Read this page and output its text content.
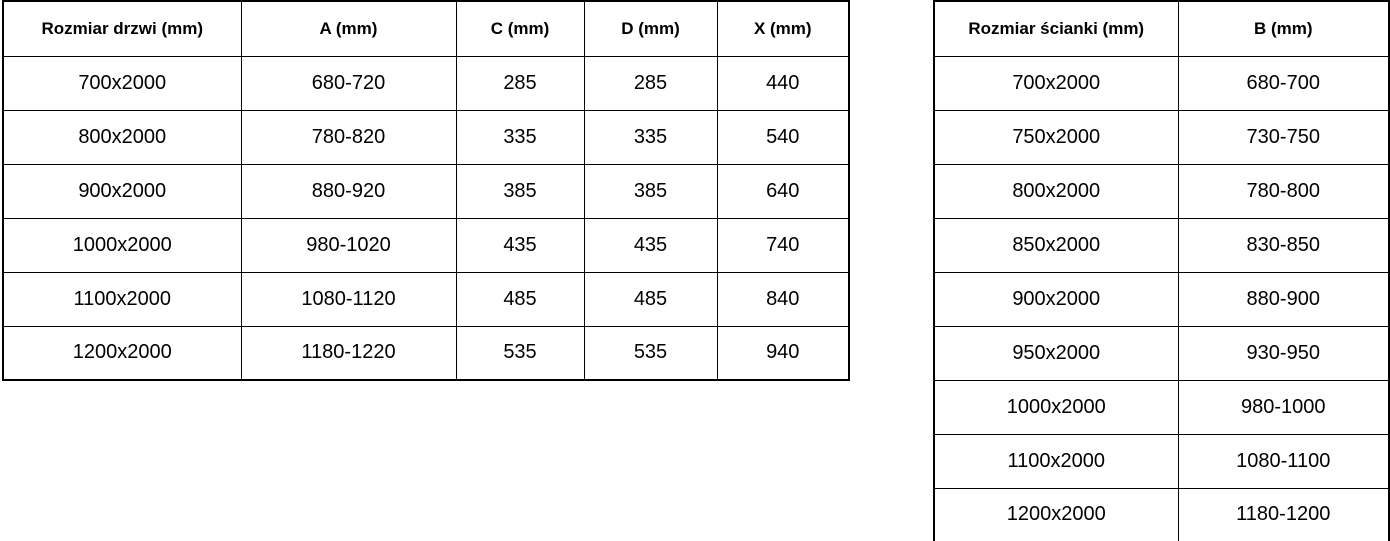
Rozmiar drzwi (mm)	A (mm)	C (mm)	D (mm)	X (mm)
700x2000	680-720	285	285	440
800x2000	780-820	335	335	540
900x2000	880-920	385	385	640
1000x2000	980-1020	435	435	740
1100x2000	1080-1120	485	485	840
1200x2000	1180-1220	535	535	940
Rozmiar ścianki (mm)	B (mm)
700x2000	680-700
750x2000	730-750
800x2000	780-800
850x2000	830-850
900x2000	880-900
950x2000	930-950
1000x2000	980-1000
1100x2000	1080-1100
1200x2000	1180-1200
